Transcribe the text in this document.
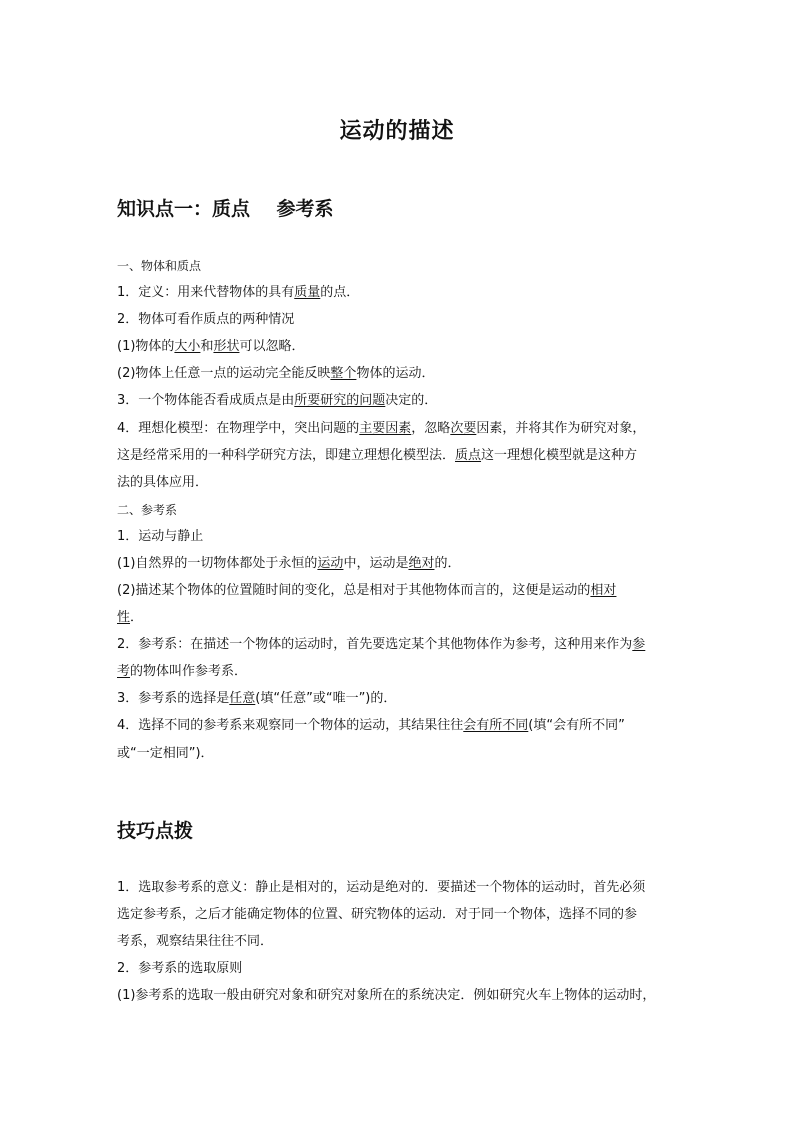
运动的描述
知识点一：质点    参考系
一、物体和质点
1．定义：用来代替物体的具有质量的点．
2．物体可看作质点的两种情况
(1)物体的大小和形状可以忽略．
(2)物体上任意一点的运动完全能反映整个物体的运动．
3．一个物体能否看成质点是由所要研究的问题决定的．
4．理想化模型：在物理学中，突出问题的主要因素，忽略次要因素，并将其作为研究对象，
这是经常采用的一种科学研究方法，即建立理想化模型法．质点这一理想化模型就是这种方
法的具体应用．
二、参考系
1．运动与静止
(1)自然界的一切物体都处于永恒的运动中，运动是绝对的．
(2)描述某个物体的位置随时间的变化，总是相对于其他物体而言的，这便是运动的相对
性．
2．参考系：在描述一个物体的运动时，首先要选定某个其他物体作为参考，这种用来作为参
考的物体叫作参考系．
3．参考系的选择是任意(填“任意”或“唯一”)的．
4．选择不同的参考系来观察同一个物体的运动，其结果往往会有所不同(填“会有所不同”
或“一定相同”)．
技巧点拨
1．选取参考系的意义：静止是相对的，运动是绝对的．要描述一个物体的运动时，首先必须
选定参考系，之后才能确定物体的位置、研究物体的运动．对于同一个物体，选择不同的参
考系，观察结果往往不同．
2．参考系的选取原则
(1)参考系的选取一般由研究对象和研究对象所在的系统决定．例如研究火车上物体的运动时，
